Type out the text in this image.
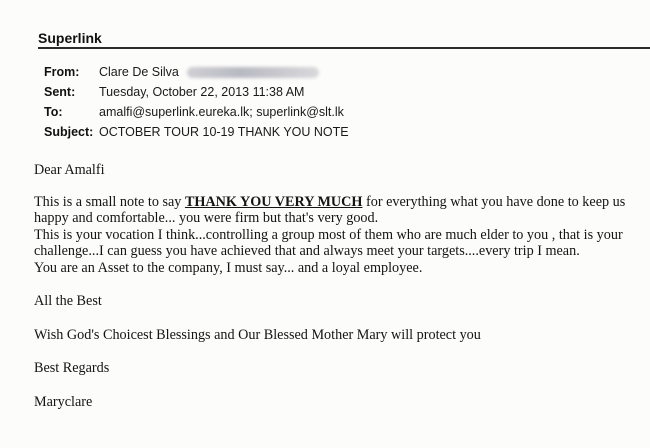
Superlink
From:	Clare De Silva
Sent:	Tuesday, October 22, 2013 11:38 AM
To:	amalfi@superlink.eureka.lk; superlink@slt.lk
Subject: OCTOBER TOUR 10-19 THANK YOU NOTE

Dear Amalfi

This is a small note to say THANK YOU VERY MUCH for everything what you have done to keep us happy and comfortable... you were firm but that's very good.

This is your vocation I think...controlling a group most of them who are much elder to you , that is your challenge...I can guess you have achieved that and always meet your targets....every trip I mean.

You are an Asset to the company, I must say... and a loyal employee.

All the Best

Wish God's Choicest Blessings and Our Blessed Mother Mary will protect you

Best Regards

Maryclare
